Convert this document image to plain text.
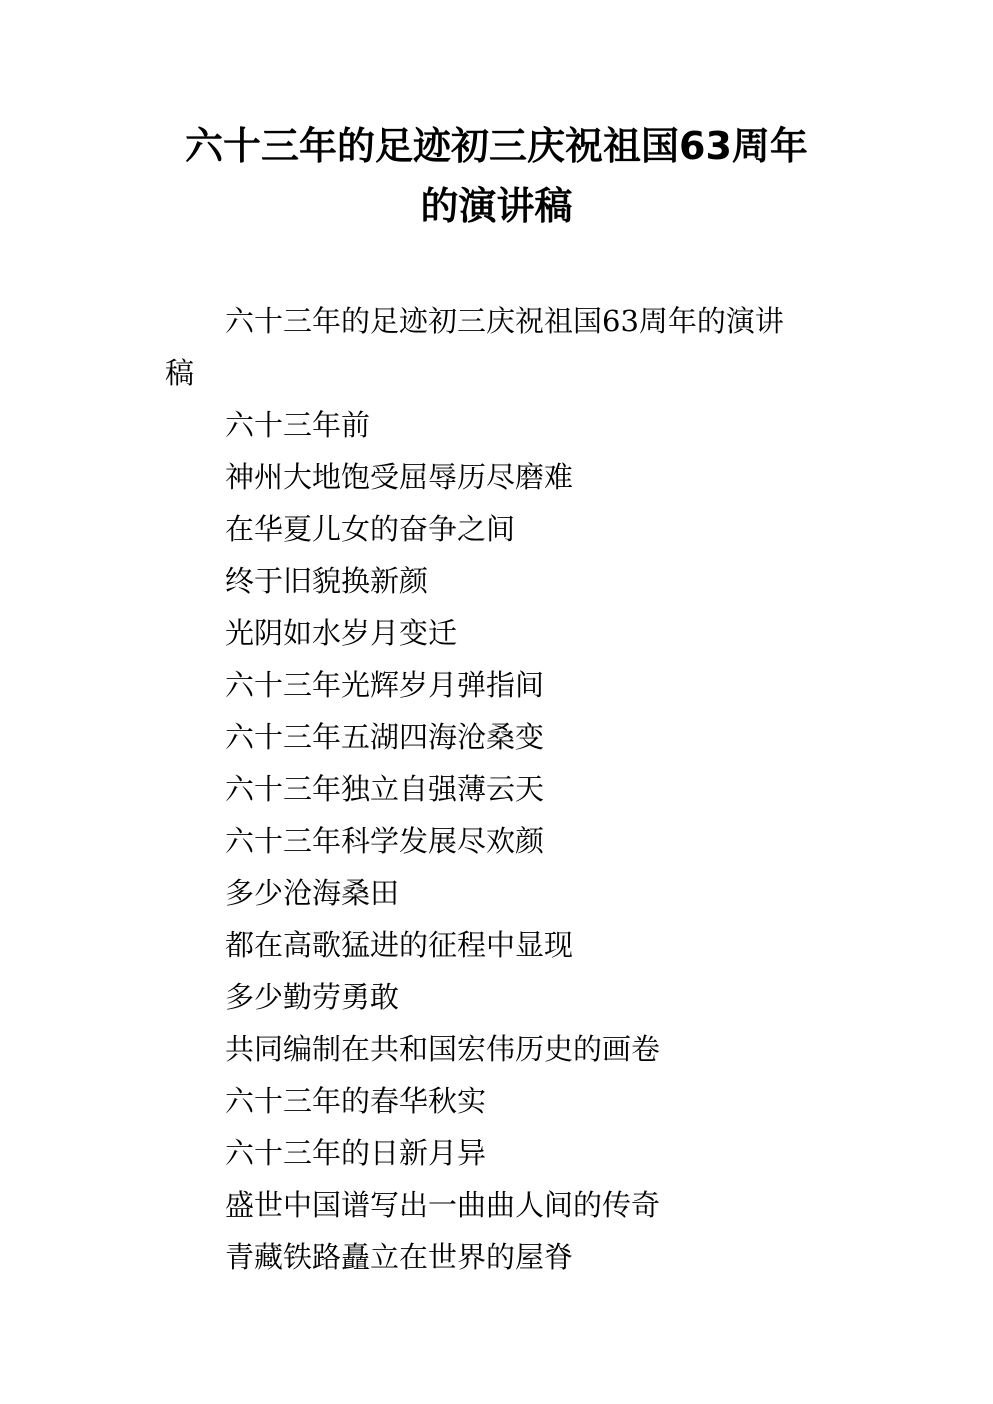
六十三年的足迹初三庆祝祖国63周年
的演讲稿

六十三年的足迹初三庆祝祖国63周年的演讲
稿

六十三年前

神州大地饱受屈辱历尽磨难

在华夏儿女的奋争之间

终于旧貌换新颜

光阴如水岁月变迁

六十三年光辉岁月弹指间

六十三年五湖四海沧桑变

六十三年独立自强薄云天

六十三年科学发展尽欢颜

多少沧海桑田

都在高歌猛进的征程中显现

多少勤劳勇敢

共同编制在共和国宏伟历史的画卷

六十三年的春华秋实

六十三年的日新月异

盛世中国谱写出一曲曲人间的传奇

青藏铁路矗立在世界的屋脊
